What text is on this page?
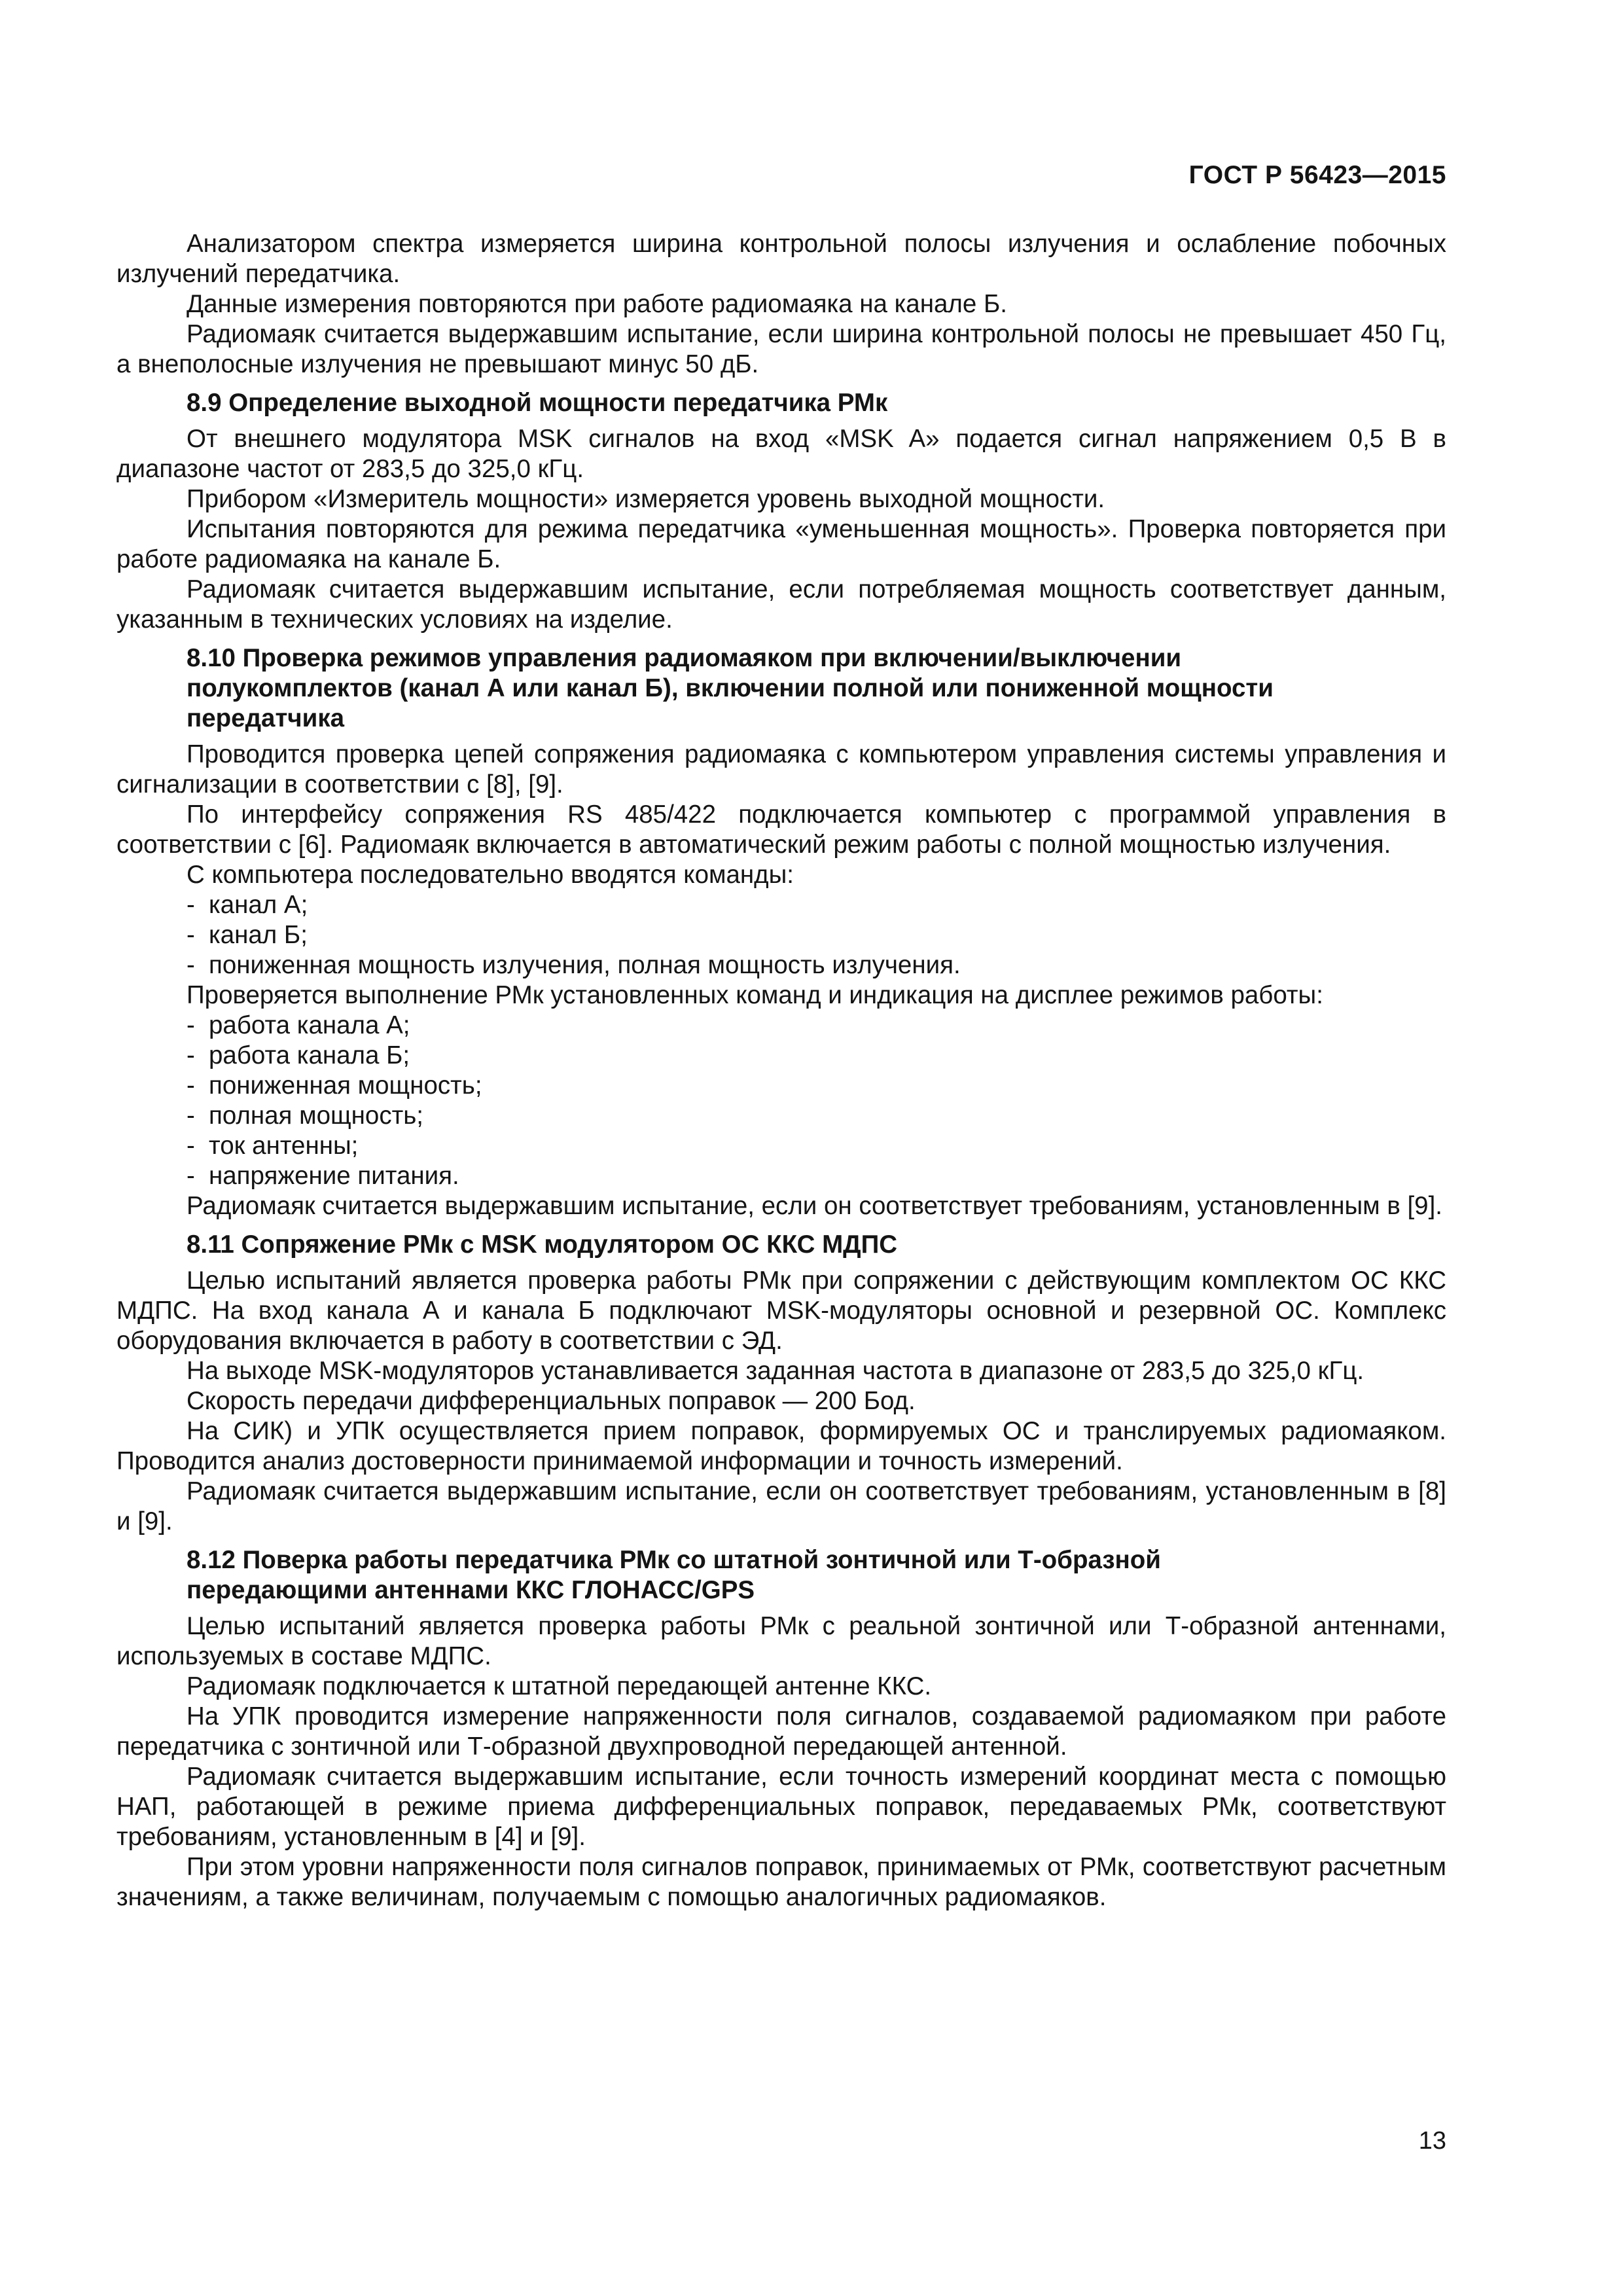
ГОСТ Р 56423—2015

Анализатором спектра измеряется ширина контрольной полосы излучения и ослабление побочных излучений передатчика.

Данные измерения повторяются при работе радиомаяка на канале Б.

Радиомаяк считается выдержавшим испытание, если ширина контрольной полосы не превышает 450 Гц, а внеполосные излучения не превышают минус 50 дБ.

8.9 Определение выходной мощности передатчика РМк

От внешнего модулятора MSK сигналов на вход «MSK A» подается сигнал напряжением 0,5 В в диапазоне частот от 283,5 до 325,0 кГц.

Прибором «Измеритель мощности» измеряется уровень выходной мощности.

Испытания повторяются для режима передатчика «уменьшенная мощность». Проверка повторяется при работе радиомаяка на канале Б.

Радиомаяк считается выдержавшим испытание, если потребляемая мощность соответствует данным, указанным в технических условиях на изделие.

8.10 Проверка режимов управления радиомаяком при включении/выключении
полукомплектов (канал А или канал Б), включении полной или пониженной мощности
передатчика

Проводится проверка цепей сопряжения радиомаяка с компьютером управления системы управления и сигнализации в соответствии с [8], [9].

По интерфейсу сопряжения RS 485/422 подключается компьютер с программой управления в соответствии с [6]. Радиомаяк включается в автоматический режим работы с полной мощностью излучения.

С компьютера последовательно вводятся команды:

- канал А;
- канал Б;
- пониженная мощность излучения, полная мощность излучения.

Проверяется выполнение РМк установленных команд и индикация на дисплее режимов работы:

- работа канала А;
- работа канала Б;
- пониженная мощность;
- полная мощность;
- ток антенны;
- напряжение питания.

Радиомаяк считается выдержавшим испытание, если он соответствует требованиям, установленным в [9].

8.11 Сопряжение РМк с MSK модулятором ОС ККС МДПС

Целью испытаний является проверка работы РМк при сопряжении с действующим комплектом ОС ККС МДПС. На вход канала А и канала Б подключают MSK-модуляторы основной и резервной ОС. Комплекс оборудования включается в работу в соответствии с ЭД.

На выходе MSK-модуляторов устанавливается заданная частота в диапазоне от 283,5 до 325,0 кГц.

Скорость передачи дифференциальных поправок — 200 Бод.

На СИК) и УПК осуществляется прием поправок, формируемых ОС и транслируемых радиомаяком. Проводится анализ достоверности принимаемой информации и точность измерений.

Радиомаяк считается выдержавшим испытание, если он соответствует требованиям, установленным в [8] и [9].

8.12 Поверка работы передатчика РМк со штатной зонтичной или Т-образной
передающими антеннами ККС ГЛОНАСС/GPS

Целью испытаний является проверка работы РМк с реальной зонтичной или Т-образной антеннами, используемых в составе МДПС.

Радиомаяк подключается к штатной передающей антенне ККС.

На УПК проводится измерение напряженности поля сигналов, создаваемой радиомаяком при работе передатчика с зонтичной или Т-образной двухпроводной передающей антенной.

Радиомаяк считается выдержавшим испытание, если точность измерений координат места с помощью НАП, работающей в режиме приема дифференциальных поправок, передаваемых РМк, соответствуют требованиям, установленным в [4] и [9].

При этом уровни напряженности поля сигналов поправок, принимаемых от РМк, соответствуют расчетным значениям, а также величинам, получаемым с помощью аналогичных радиомаяков.

13
